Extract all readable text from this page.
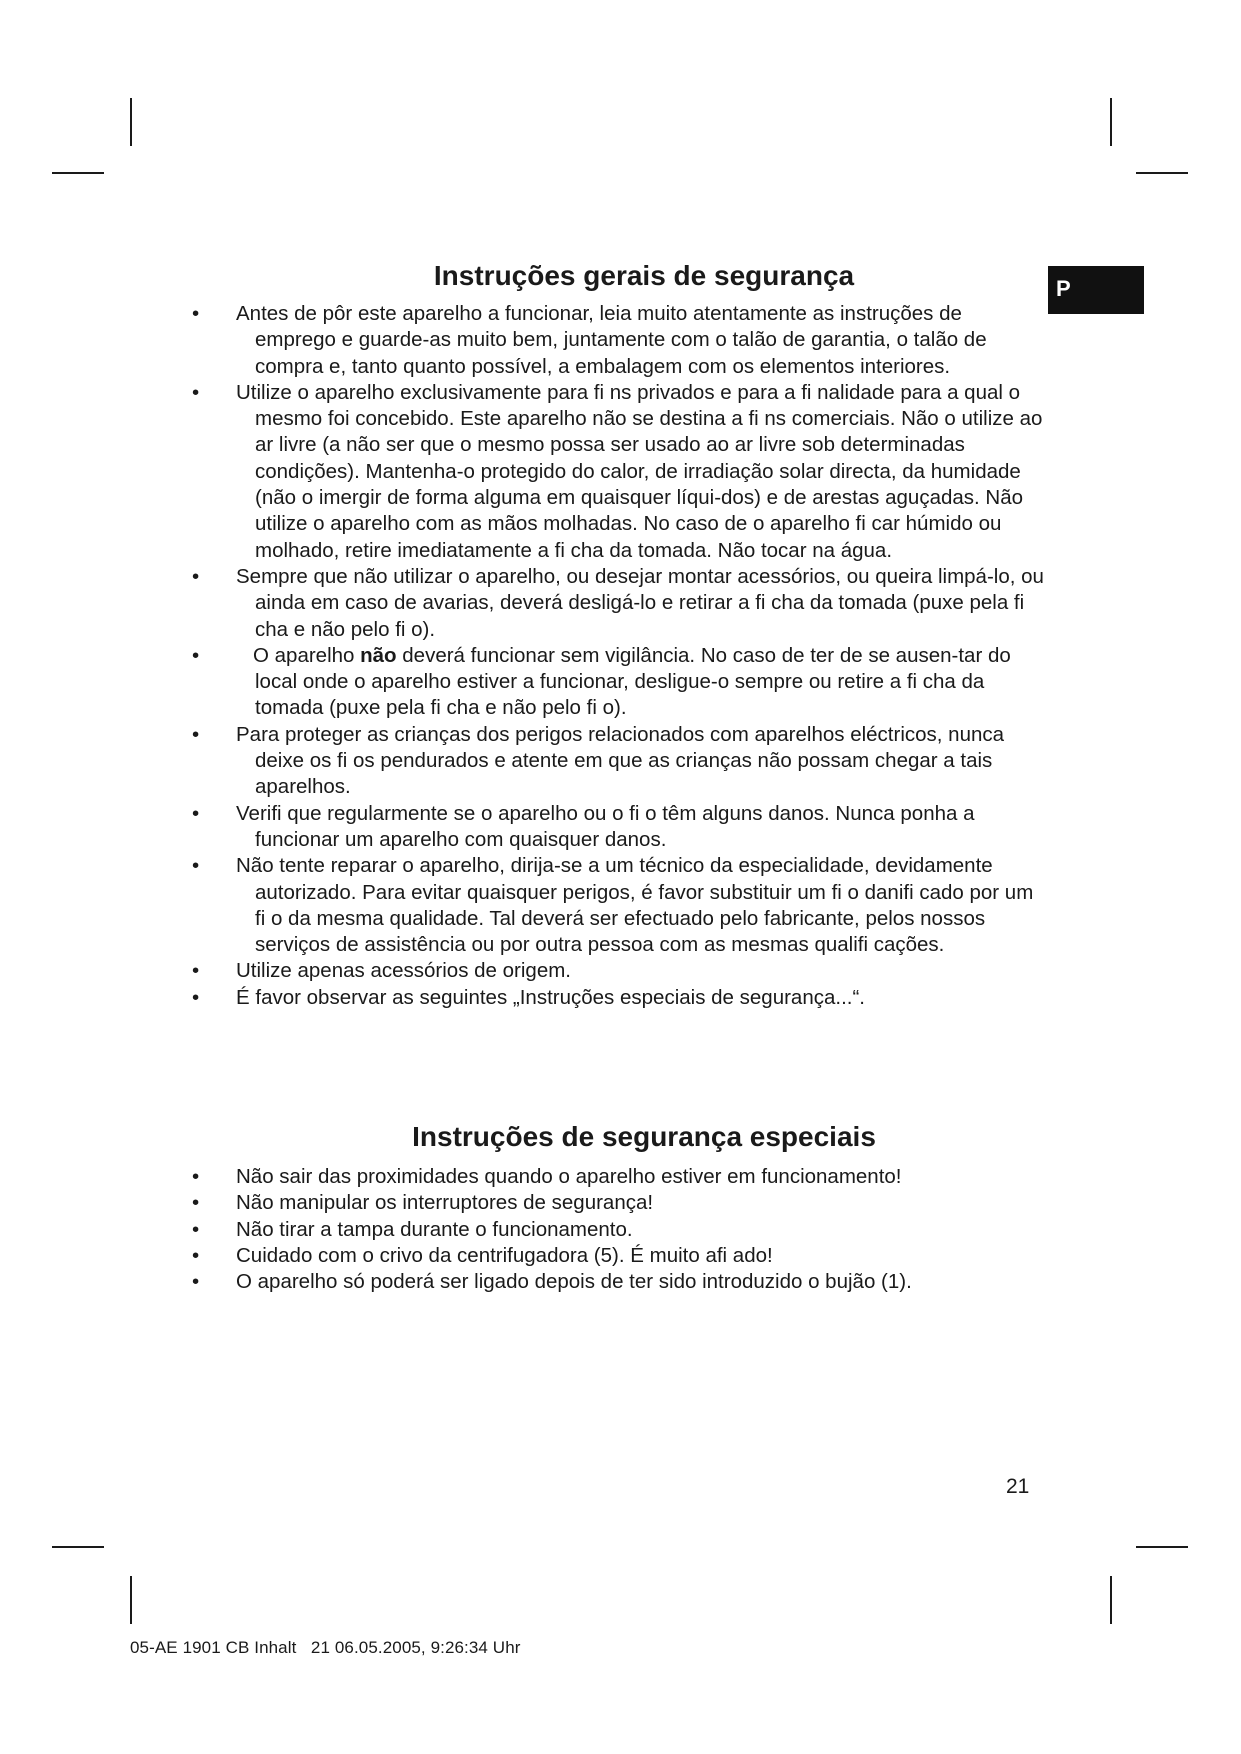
P
Instruções gerais de segurança
• Antes de pôr este aparelho a funcionar, leia muito atentamente as instruções de emprego e guarde-as muito bem, juntamente com o talão de garantia, o talão de compra e, tanto quanto possível, a embalagem com os elementos interiores.
• Utilize o aparelho exclusivamente para fi ns privados e para a fi nalidade para a qual o mesmo foi concebido. Este aparelho não se destina a fi ns comerciais. Não o utilize ao ar livre (a não ser que o mesmo possa ser usado ao ar livre sob determinadas condições). Mantenha-o protegido do calor, de irradiação solar directa, da humidade (não o imergir de forma alguma em quaisquer líqui-dos) e de arestas aguçadas. Não utilize o aparelho com as mãos molhadas. No caso de o aparelho fi car húmido ou molhado, retire imediatamente a fi cha da tomada. Não tocar na água.
• Sempre que não utilizar o aparelho, ou desejar montar acessórios, ou queira limpá-lo, ou ainda em caso de avarias, deverá desligá-lo e retirar a fi cha da tomada (puxe pela fi cha e não pelo fi o).
•	O aparelho não deverá funcionar sem vigilância. No caso de ter de se ausen-tar do local onde o aparelho estiver a funcionar, desligue-o sempre ou retire a fi cha da tomada (puxe pela fi cha e não pelo fi o).
• Para proteger as crianças dos perigos relacionados com aparelhos eléctricos, nunca deixe os fi os pendurados e atente em que as crianças não possam chegar a tais aparelhos.
• Verifi que regularmente se o aparelho ou o fi o têm alguns danos. Nunca ponha a funcionar um aparelho com quaisquer danos.
• Não tente reparar o aparelho, dirija-se a um técnico da especialidade, devidamente autorizado. Para evitar quaisquer perigos, é favor substituir um fi o danifi cado por um fi o da mesma qualidade. Tal deverá ser efectuado pelo fabricante, pelos nossos serviços de assistência ou por outra pessoa com as mesmas qualifi cações.
• Utilize apenas acessórios de origem.
• É favor observar as seguintes „Instruções especiais de segurança...“.
Instruções de segurança especiais
• Não sair das proximidades quando o aparelho estiver em funcionamento!
• Não manipular os interruptores de segurança!
• Não tirar a tampa durante o funcionamento.
• Cuidado com o crivo da centrifugadora (5). É muito afi ado!
• O aparelho só poderá ser ligado depois de ter sido introduzido o bujão (1).
21
05-AE 1901 CB Inhalt   21 06.05.2005, 9:26:34 Uhr
